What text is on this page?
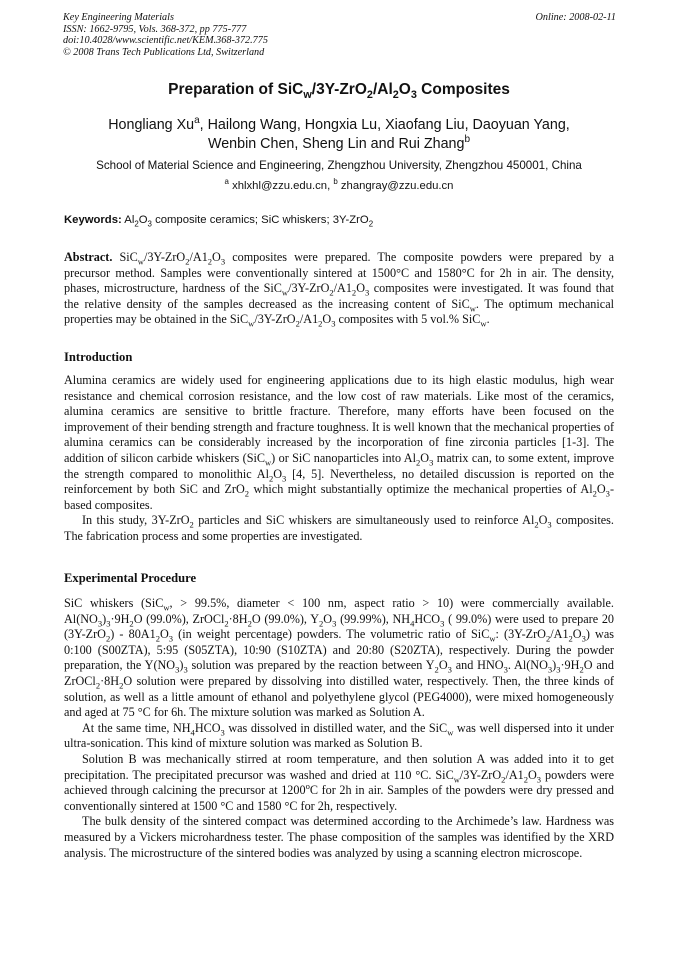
Key Engineering Materials
ISSN: 1662-9795, Vols. 368-372, pp 775-777
doi:10.4028/www.scientific.net/KEM.368-372.775
© 2008 Trans Tech Publications Ltd, Switzerland
Online: 2008-02-11
Preparation of $SiC_w/3Y-ZrO_2/Al_2O_3$ Composites
Hongliang Xu$^a$, Hailong Wang, Hongxia Lu, Xiaofang Liu, Daoyuan Yang,
Wenbin Chen, Sheng Lin and Rui Zhang$^b$
School of Material Science and Engineering, Zhengzhou University, Zhengzhou 450001, China
$^a$ xhlxhl@zzu.edu.cn, $^b$ zhangray@zzu.edu.cn
Keywords: $Al_2O_3$ composite ceramics; SiC whiskers; 3Y-ZrO$_2$
Abstract. $SiC_w/3Y-ZrO_2/A1_2O_3$ composites were prepared. The composite powders were prepared by a precursor method. Samples were conventionally sintered at 1500°C and 1580°C for 2h in air. The density, phases, microstructure, hardness of the $SiC_w/3Y-ZrO_2/A1_2O_3$ composites were investigated. It was found that the relative density of the samples decreased as the increasing content of SiC$_w$. The optimum mechanical properties may be obtained in the $SiC_w/3Y-ZrO_2/A1_2O_3$ composites with 5 vol.% SiC$_w$.
Introduction

Alumina ceramics are widely used for engineering applications due to its high elastic modulus, high wear resistance and chemical corrosion resistance, and the low cost of raw materials. Like most of the ceramics, alumina ceramics are sensitive to brittle fracture. Therefore, many efforts have been focused on the improvement of their bending strength and fracture toughness. It is well known that the mechanical properties of alumina ceramics can be considerably increased by the incorporation of fine zirconia particles [1-3]. The addition of silicon carbide whiskers (SiC$_w$) or SiC nanoparticles into $Al_2O_3$ matrix can, to some extent, improve the strength compared to monolithic $Al_2O_3$ [4, 5]. Nevertheless, no detailed discussion is reported on the reinforcement by both SiC and ZrO$_2$ which might substantially optimize the mechanical properties of $Al_2O_3$-based composites.

In this study, 3Y-ZrO$_2$ particles and SiC whiskers are simultaneously used to reinforce $Al_2O_3$ composites. The fabrication process and some properties are investigated.

Experimental Procedure

SiC whiskers (SiC$_w$, > 99.5%, diameter < 100 nm, aspect ratio > 10) were commercially available. $Al(NO_3)_3\cdot 9H_2O$ (99.0%), $ZrOCl_2\cdot 8H_2O$ (99.0%), $Y_2O_3$ (99.99%), $NH_4HCO_3$ ( 99.0%) were used to prepare 20 $(3Y-ZrO_2) - 80A1_2O_3$ (in weight percentage) powders. The volumetric ratio of SiC$_w$: $(3Y-ZrO_2/A1_2O_3)$ was 0:100 (S00ZTA), 5:95 (S05ZTA), 10:90 (S10ZTA) and 20:80 (S20ZTA), respectively. During the powder preparation, the $Y(NO_3)_3$ solution was prepared by the reaction between $Y_2O_3$ and $HNO_3$. $Al(NO_3)_3\cdot 9H_2O$ and $ZrOCl_2\cdot 8H_2O$ solution were prepared by dissolving into distilled water, respectively. Then, the three kinds of solution, as well as a little amount of ethanol and polyethylene glycol (PEG4000), were mixed homogeneously and aged at 75 °C for 6h. The mixture solution was marked as Solution A.

At the same time, $NH_4HCO_3$ was dissolved in distilled water, and the SiC$_w$ was well dispersed into it under ultra-sonication. This kind of mixture solution was marked as Solution B.

Solution B was mechanically stirred at room temperature, and then solution A was added into it to get precipitation. The precipitated precursor was washed and dried at 110 °C. $SiC_w/3Y-ZrO_2/A1_2O_3$ powders were achieved through calcining the precursor at 1200$^o$C for 2h in air. Samples of the powders were dry pressed and conventionally sintered at 1500 °C and 1580 °C for 2h, respectively.

The bulk density of the sintered compact was determined according to the Archimede’s law. Hardness was measured by a Vickers microhardness tester. The phase composition of the samples was identified by the XRD analysis. The microstructure of the sintered bodies was analyzed by using a scanning electron microscope.
